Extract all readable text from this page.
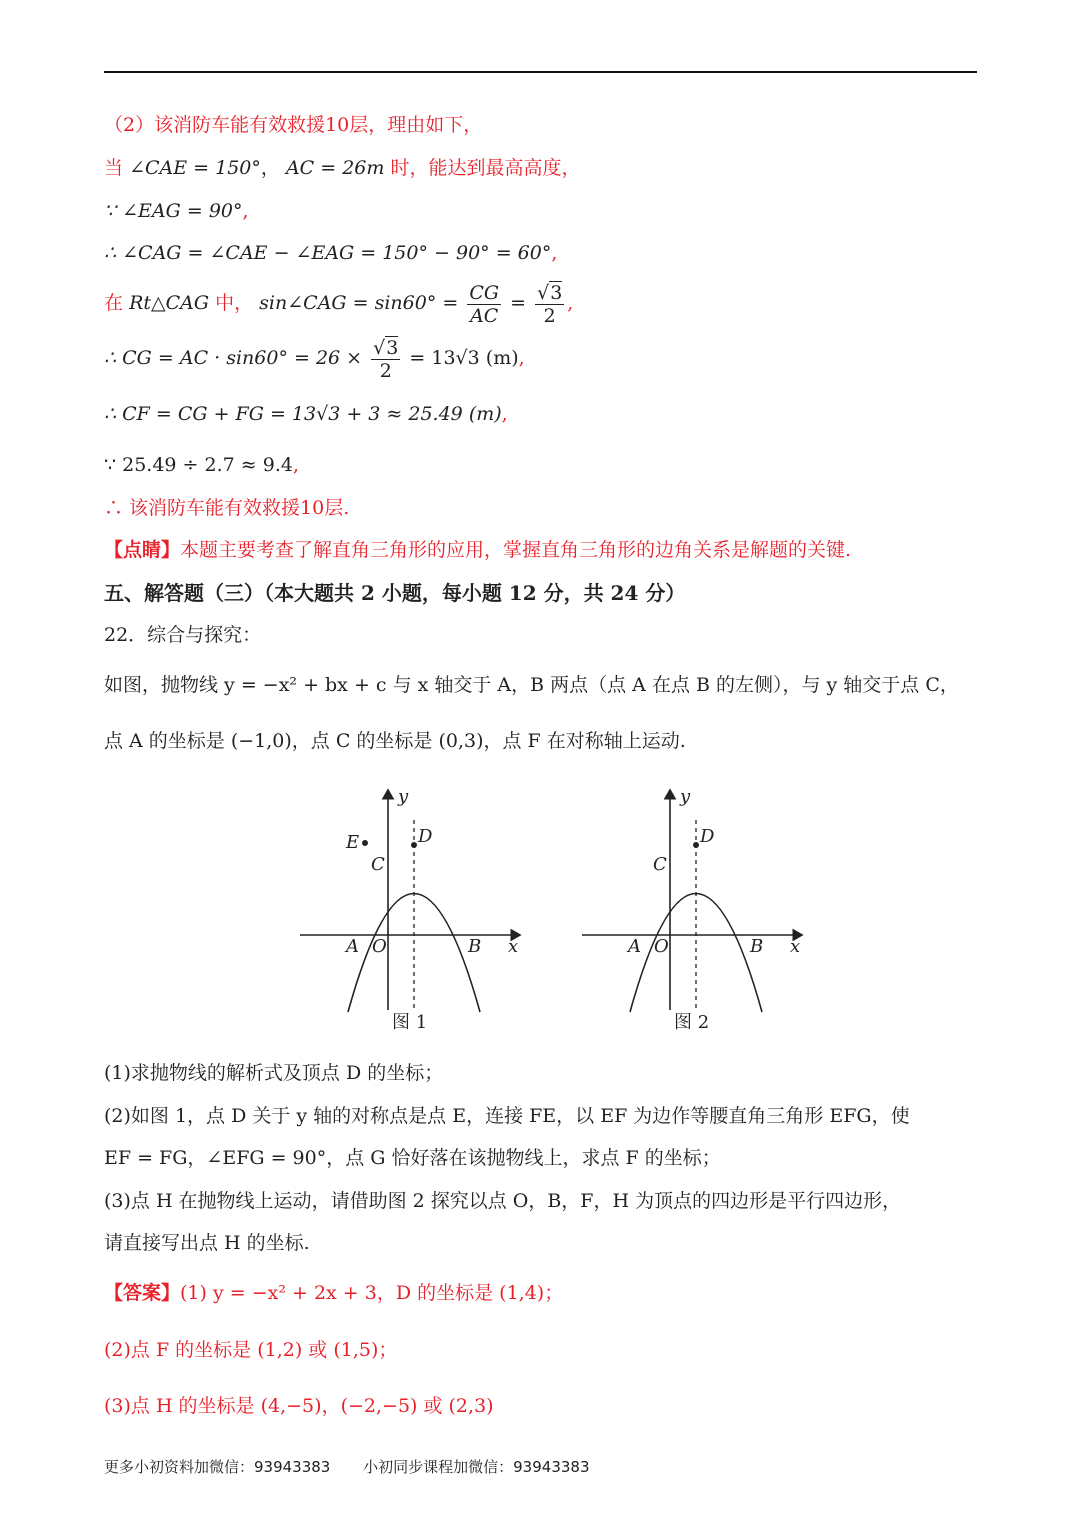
（2）该消防车能有效救援10层，理由如下，
当 ∠CAE = 150°， AC = 26m 时，能达到最高高度，
∵ ∠EAG = 90°,
∴ ∠CAG = ∠CAE − ∠EAG = 150° − 90° = 60°,
在 Rt△CAG 中， sin∠CAG = $\sin 60^\circ = \frac{CG}{AC} = \frac{√3}{2}$ ,
∴ CG = AC · $\sin 60^\circ = 26 \times \frac{√3}{2} = 13√3$ (m),
∴ CF = CG + FG = 13√3 + 3 ≈ 25.49 (m),
∵ 25.49 ÷ 2.7 ≈ 9.4,
∴ 该消防车能有效救援10层.
【点睛】本题主要考查了解直角三角形的应用，掌握直角三角形的边角关系是解题的关键.
五、解答题（三）（本大题共 2 小题，每小题 12 分，共 24 分）
22．综合与探究：
如图，抛物线 y = −x² + bx + c 与 x 轴交于 A，B 两点（点 A 在点 B 的左侧），与 y 轴交于点 C，
点 A 的坐标是 (−1,0)，点 C 的坐标是 (0,3)，点 F 在对称轴上运动.
y
x
A O	B
C
D
E
图 1
y
x
A O	B
C
D
图 2
(1)求抛物线的解析式及顶点 D 的坐标；
(2)如图 1，点 D 关于 y 轴的对称点是点 E，连接 FE，以 EF 为边作等腰直角三角形 EFG，使
EF = FG，∠EFG = 90°，点 G 恰好落在该抛物线上，求点 F 的坐标；
(3)点 H 在抛物线上运动，请借助图 2 探究以点 O，B，F，H 为顶点的四边形是平行四边形，
请直接写出点 H 的坐标.
【答案】(1) y = −x² + 2x + 3，D 的坐标是 (1,4)；
(2)点 F 的坐标是 (1,2) 或 (1,5)；
(3)点 H 的坐标是 (4,−5)，(−2,−5) 或 (2,3)
更多小初资料加微信：93943383 小初同步课程加微信：93943383
